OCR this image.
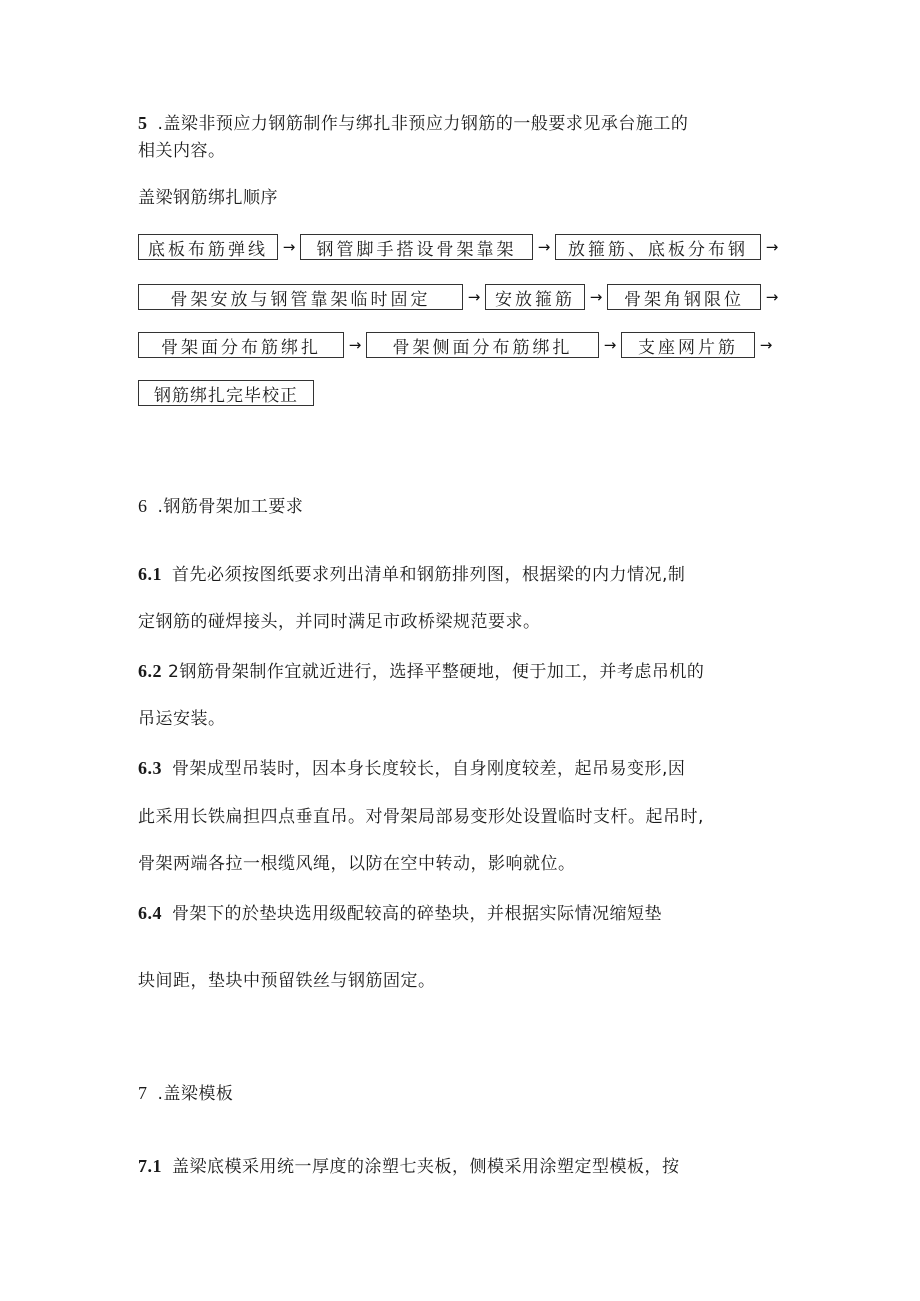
5 .盖梁非预应力钢筋制作与绑扎非预应力钢筋的一般要求见承台施工的
相关内容。
盖梁钢筋绑扎顺序
底板布筋弹线 →	钢管脚手搭设骨架靠架	→	放箍筋、底板分布钢	→
骨架安放与钢管靠架临时固定	→ 安放箍筋 →	骨架角钢限位	→
骨架面分布筋绑扎	→	骨架侧面分布筋绑扎	→	支座网片筋	→
钢筋绑扎完毕校正
6 .钢筋骨架加工要求
6.1 首先必须按图纸要求列出清单和钢筋排列图，根据梁的内力情况,制
定钢筋的碰焊接头，并同时满足市政桥梁规范要求。
6.2 2钢筋骨架制作宜就近进行，选择平整硬地，便于加工，并考虑吊机的
吊运安装。
6.3 骨架成型吊装时，因本身长度较长，自身刚度较差，起吊易变形,因
此采用长铁扁担四点垂直吊。对骨架局部易变形处设置临时支杆。起吊时,
骨架两端各拉一根缆风绳，以防在空中转动，影响就位。
6.4 骨架下的於垫块选用级配较高的碎垫块，并根据实际情况缩短垫
块间距，垫块中预留铁丝与钢筋固定。
7 .盖梁模板
7.1 盖梁底模采用统一厚度的涂塑七夹板，侧模采用涂塑定型模板，按
